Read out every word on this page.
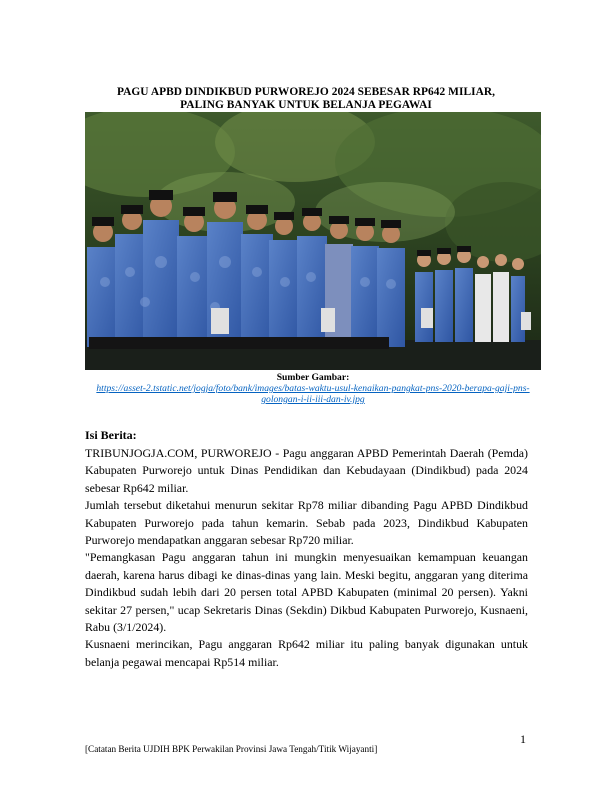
PAGU APBD DINDIKBUD PURWOREJO 2024 SEBESAR RP642 MILIAR,
PALING BANYAK UNTUK BELANJA PEGAWAI
Sumber Gambar:
https://asset-2.tstatic.net/jogja/foto/bank/images/batas-waktu-usul-kenaikan-pangkat-pns-2020-berapa-gaji-pns-golongan-i-ii-iii-dan-iv.jpg
Isi Berita:

TRIBUNJOGJA.COM, PURWOREJO - Pagu anggaran APBD Pemerintah Daerah (Pemda) Kabupaten Purworejo untuk Dinas Pendidikan dan Kebudayaan (Dindikbud) pada 2024 sebesar Rp642 miliar.

Jumlah tersebut diketahui menurun sekitar Rp78 miliar dibanding Pagu APBD Dindikbud Kabupaten Purworejo pada tahun kemarin. Sebab pada 2023, Dindikbud Kabupaten Purworejo mendapatkan anggaran sebesar Rp720 miliar.

"Pemangkasan Pagu anggaran tahun ini mungkin menyesuaikan kemampuan keuangan daerah, karena harus dibagi ke dinas-dinas yang lain. Meski begitu, anggaran yang diterima Dindikbud sudah lebih dari 20 persen total APBD Kabupaten (minimal 20 persen). Yakni sekitar 27 persen," ucap Sekretaris Dinas (Sekdin) Dikbud Kabupaten Purworejo, Kusnaeni, Rabu (3/1/2024).

Kusnaeni merincikan, Pagu anggaran Rp642 miliar itu paling banyak digunakan untuk belanja pegawai mencapai Rp514 miliar.

1
[Catatan Berita UJDIH BPK Perwakilan Provinsi Jawa Tengah/Titik Wijayanti]
